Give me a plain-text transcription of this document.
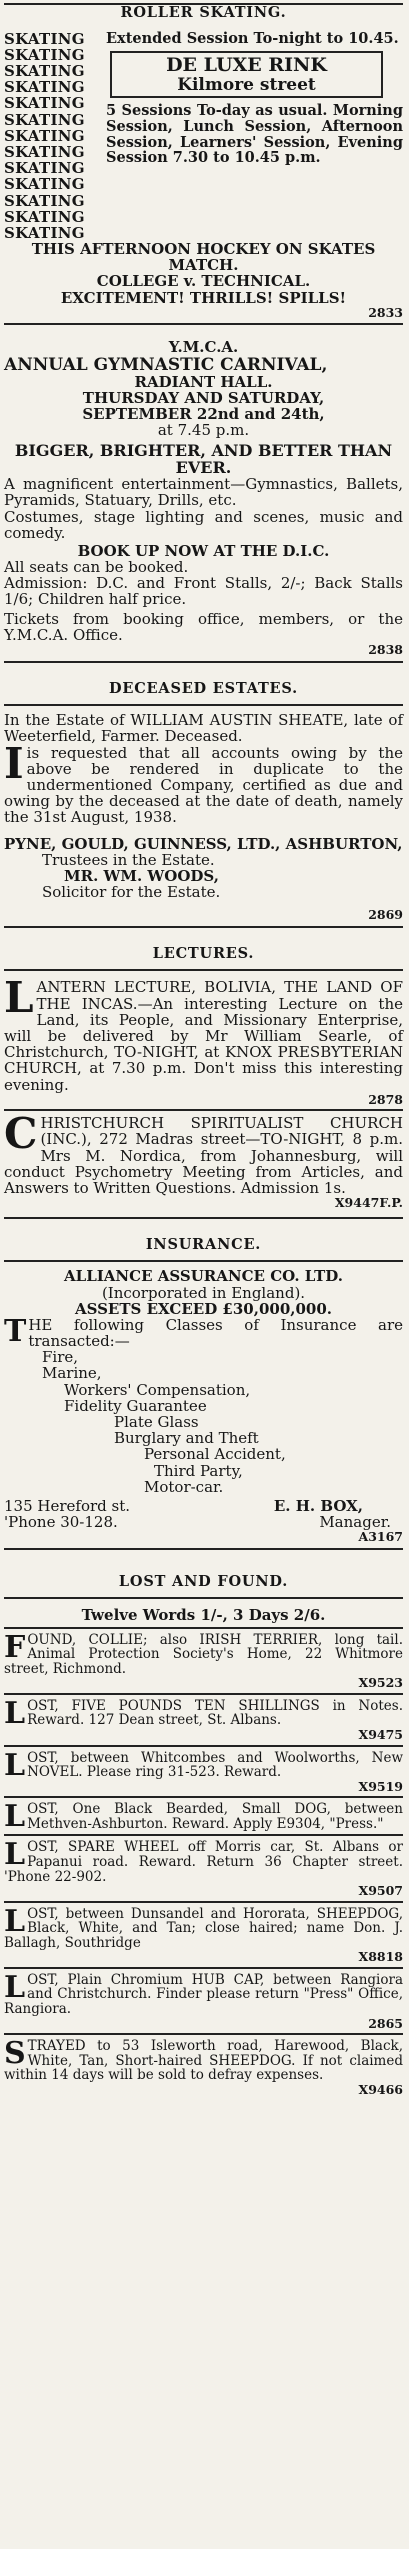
ROLLER SKATING.
SKATING
SKATING
SKATING
SKATING
SKATING
SKATING
SKATING
SKATING
SKATING
SKATING
SKATING
SKATING
SKATING

Extended Session To-night to 10.45.

DE LUXE RINK
Kilmore street

5 Sessions To-day as usual. Morning Session, Lunch Session, Afternoon Session, Learners' Session, Evening Session 7.30 to 10.45 p.m.

THIS AFTERNOON HOCKEY ON SKATES MATCH.

COLLEGE v. TECHNICAL.

EXCITEMENT! THRILLS! SPILLS!

2833

Y.M.C.A.

ANNUAL GYMNASTIC CARNIVAL,

RADIANT HALL.

THURSDAY AND SATURDAY,

SEPTEMBER 22nd and 24th,

at 7.45 p.m.

BIGGER, BRIGHTER, AND BETTER THAN EVER.

A magnificent entertainment—Gymnastics, Ballets, Pyramids, Statuary, Drills, etc.

Costumes, stage lighting and scenes, music and comedy.

BOOK UP NOW AT THE D.I.C.

All seats can be booked.

Admission: D.C. and Front Stalls, 2/-; Back Stalls 1/6; Children half price.

Tickets from booking office, members, or the Y.M.C.A. Office.

2838
DECEASED ESTATES.

In the Estate of WILLIAM AUSTIN SHEATE, late of Weeterfield, Farmer. Deceased.

I is requested that all accounts owing by the above be rendered in duplicate to the undermentioned Company, certified as due and owing by the deceased at the date of death, namely the 31st August, 1938.

PYNE, GOULD, GUINNESS, LTD., ASHBURTON,

Trustees in the Estate.

MR. WM. WOODS,

Solicitor for the Estate.

2869
LECTURES.

L ANTERN LECTURE, BOLIVIA, THE LAND OF THE INCAS.—An interesting Lecture on the Land, its People, and Missionary Enterprise, will be delivered by Mr William Searle, of Christchurch, TO-NIGHT, at KNOX PRESBYTERIAN CHURCH, at 7.30 p.m. Don't miss this interesting evening.

2878

C HRISTCHURCH SPIRITUALIST CHURCH (INC.), 272 Madras street—TO-NIGHT, 8 p.m. Mrs M. Nordica, from Johannesburg, will conduct Psychometry Meeting from Articles, and Answers to Written Questions. Admission 1s.

X9447F.P.
INSURANCE.

ALLIANCE ASSURANCE CO. LTD.

(Incorporated in England).

ASSETS EXCEED £30,000,000.

T HE following Classes of Insurance are transacted:—

Fire,

Marine,

Workers' Compensation,

Fidelity Guarantee

Plate Glass

Burglary and Theft

Personal Accident,

Third Party,

Motor-car.

135 Hereford st.	E. H. BOX,
'Phone 30-128.	Manager.
A3167
LOST AND FOUND.
Twelve Words 1/-, 3 Days 2/6.

FOUND, COLLIE; also IRISH TERRIER, long tail. Animal Protection Society's Home, 22 Whitmore street, Richmond.

X9523

LOST, FIVE POUNDS TEN SHILLINGS in Notes. Reward. 127 Dean street, St. Albans.

X9475

LOST, between Whitcombes and Woolworths, New NOVEL. Please ring 31-523. Reward.

X9519

LOST, One Black Bearded, Small DOG, between Methven-Ashburton. Reward. Apply E9304, "Press."

LOST, SPARE WHEEL off Morris car, St. Albans or Papanui road. Reward. Return 36 Chapter street. 'Phone 22-902.

X9507

LOST, between Dunsandel and Hororata, SHEEPDOG, Black, White, and Tan; close haired; name Don. J. Ballagh, Southridge

X8818

LOST, Plain Chromium HUB CAP, between Rangiora and Christchurch. Finder please return "Press" Office, Rangiora.

2865

STRAYED to 53 Isleworth road, Harewood, Black, White, Tan, Short-haired SHEEPDOG. If not claimed within 14 days will be sold to defray expenses.

X9466
